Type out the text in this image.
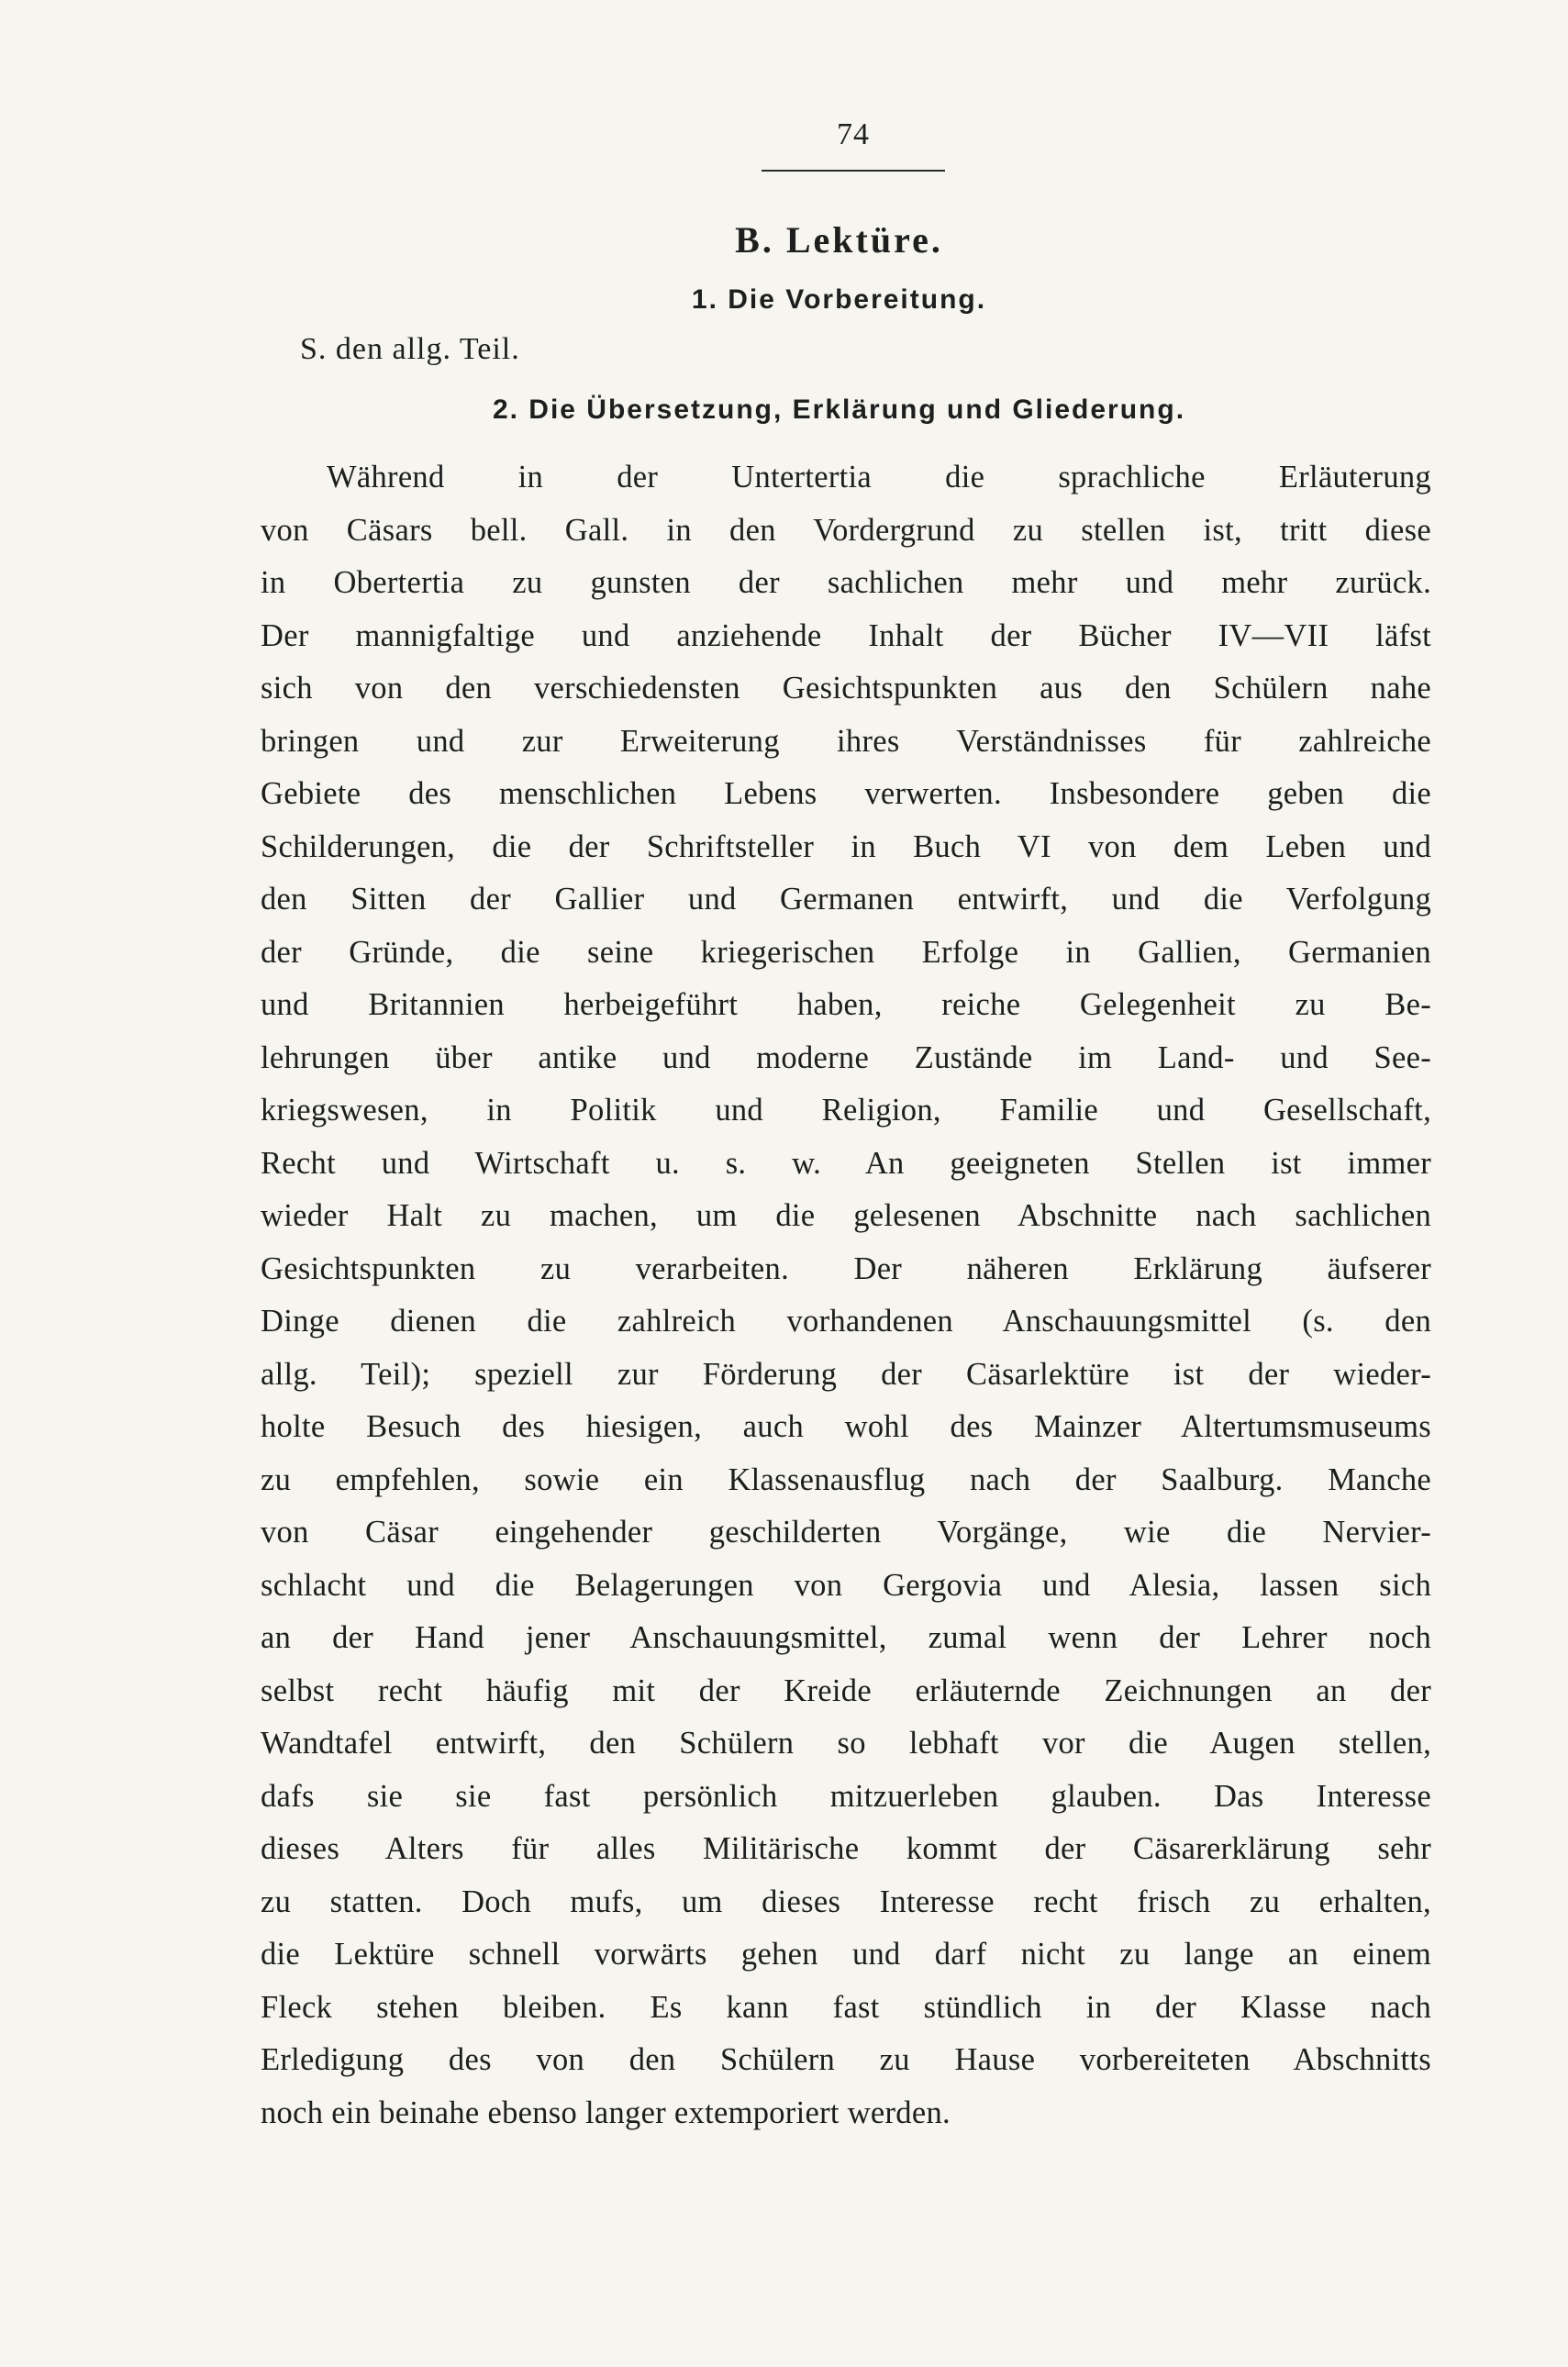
74
B. Lektüre.
1. Die Vorbereitung.
S. den allg. Teil.
2. Die Übersetzung, Erklärung und Gliederung.
Während in der Untertertia die sprachliche Erläuterung
von Cäsars bell. Gall. in den Vordergrund zu stellen ist, tritt diese
in Obertertia zu gunsten der sachlichen mehr und mehr zurück.
Der mannigfaltige und anziehende Inhalt der Bücher IV—VII läfst
sich von den verschiedensten Gesichtspunkten aus den Schülern nahe
bringen und zur Erweiterung ihres Verständnisses für zahlreiche
Gebiete des menschlichen Lebens verwerten. Insbesondere geben die
Schilderungen, die der Schriftsteller in Buch VI von dem Leben und
den Sitten der Gallier und Germanen entwirft, und die Verfolgung
der Gründe, die seine kriegerischen Erfolge in Gallien, Germanien
und Britannien herbeigeführt haben, reiche Gelegenheit zu Be-
lehrungen über antike und moderne Zustände im Land- und See-
kriegswesen, in Politik und Religion, Familie und Gesellschaft,
Recht und Wirtschaft u. s. w. An geeigneten Stellen ist immer
wieder Halt zu machen, um die gelesenen Abschnitte nach sachlichen
Gesichtspunkten zu verarbeiten. Der näheren Erklärung äufserer
Dinge dienen die zahlreich vorhandenen Anschauungsmittel (s. den
allg. Teil); speziell zur Förderung der Cäsarlektüre ist der wieder-
holte Besuch des hiesigen, auch wohl des Mainzer Altertumsmuseums
zu empfehlen, sowie ein Klassenausflug nach der Saalburg. Manche
von Cäsar eingehender geschilderten Vorgänge, wie die Nervier-
schlacht und die Belagerungen von Gergovia und Alesia, lassen sich
an der Hand jener Anschauungsmittel, zumal wenn der Lehrer noch
selbst recht häufig mit der Kreide erläuternde Zeichnungen an der
Wandtafel entwirft, den Schülern so lebhaft vor die Augen stellen,
dafs sie sie fast persönlich mitzuerleben glauben. Das Interesse
dieses Alters für alles Militärische kommt der Cäsarerklärung sehr
zu statten. Doch mufs, um dieses Interesse recht frisch zu erhalten,
die Lektüre schnell vorwärts gehen und darf nicht zu lange an einem
Fleck stehen bleiben. Es kann fast stündlich in der Klasse nach
Erledigung des von den Schülern zu Hause vorbereiteten Abschnitts
noch ein beinahe ebenso langer extemporiert werden.
